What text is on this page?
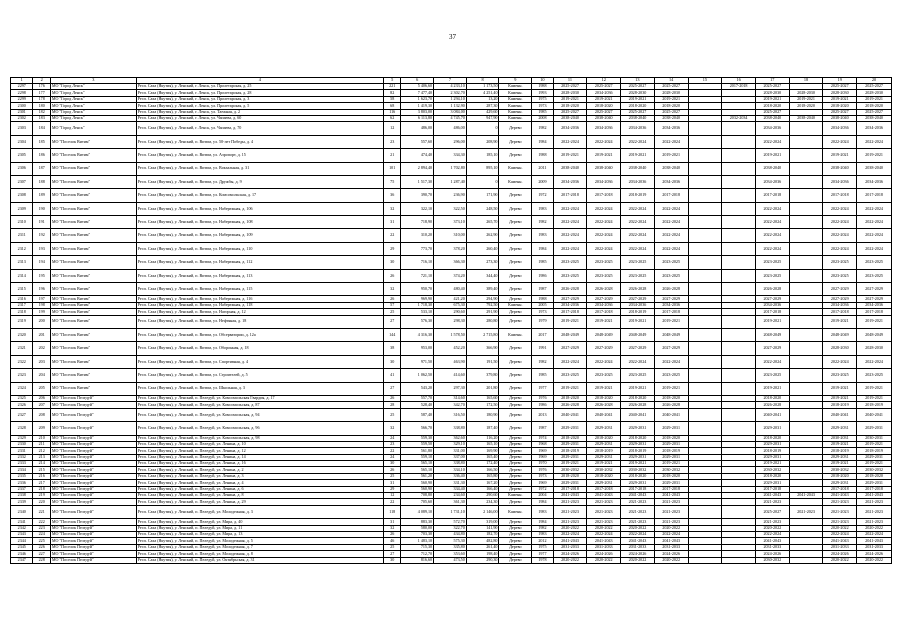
37
1	2	3	4	5	6	7	8	9	10	11	12	13	14	15	16	17	18	19	20
2297	176	МО "Город Ленск"	Респ. Саха (Якутия), у. Ленский, г. Ленск, ул. Пролетарская, д. 25	221	5 406,60	4 233,10	1 173,50	Каменн.	1988	2025-2027	2025-2027	2025-2027	2025-2027		2017-2018	2025-2027		2025-2027	2025-2027
2298	177	МО "Город Ленск"	Респ. Саха (Якутия), у. Ленский, г. Ленск, ул. Пролетарская, д. 28	82	7 477,40	2 302,70	4 251,40	Каменн.	1993	2028-2030	2034-2036	2028-2030	2028-2030			2028-2030	2028-2030	2028-2030	2028-2030
2299	178	МО "Город Ленск"	Респ. Саха (Якутия), у. Ленский, г. Ленск, ул. Пролетарская, д. 3	58	1 623,70	1 294,10	13,20	Каменн.	1975	2019-2021	2019-2021	2019-2021	2019-2021			2019-2021	2019-2021	2019-2021	2019-2021
2300	180	МО "Город Ленск"	Респ. Саха (Якутия), у. Ленский, г. Ленск, ул. Пролетарская, д. 5	68	1 419,30	1 132,90	287,30	Каменн.	1973	2018-2020	2018-2020	2018-2020	2018-2020			2018-2020	2018-2020	2018-2020	2018-2020
2301	182	МО "Город Ленск"	Респ. Саха (Якутия), у. Ленский, г. Ленск, ул. Таежная, д. 2	116	3 803,00	3 084,00	429,60	Каменн.	1985	2025-2027	2025-2027	2025-2027	2025-2027			2025-2027		2025-2027	2025-2027
2302	183	МО "Город Ленск"	Респ. Саха (Якутия), у. Ленский, г. Ленск, ул. Чапаева, д. 60	62	6 113,80	4 745,70	947,90	Каменн.	2008	2038-2040	2038-2040	2038-2040	2038-2040		2032-2034	2038-2040	2038-2040	2038-2040	2038-2040
2303	184	МО "Город Ленск"	Респ. Саха (Якутия), у. Ленский, г. Ленск, ул. Чапаева, д. 70	12	486,00	486,00	0	Дерево	1982	2034-2036	2034-2036	2034-2036	2034-2036			2034-2036		2034-2036	2034-2036
2304	185	МО "Поселок Витим"	Респ. Саха (Якутия), у. Ленский, п. Витим, ул. 50-лет Победы, д. 4	23	557,60	296,00	208,90	Дерево	1984	2022-2024	2022-2024	2022-2024	2022-2024			2022-2024		2022-2024	2022-2024
2305	186	МО "Поселок Витим"	Респ. Саха (Якутия), у. Ленский, п. Витим, ул. Аэропорт, д. 15	21	474,40	334,30	185,10	Дерево	1988	2019-2021	2019-2021	2019-2021	2019-2021			2019-2021		2019-2021	2019-2021
2306	187	МО "Поселок Витим"	Респ. Саха (Якутия), у. Ленский, п. Витим, ул. Вокзальная, д. 31	101	2 894,40	1 702,80	895,10	Каменн.	2011	2038-2040	2038-2040	2038-2040	2038-2040			2038-2040		2038-2040	2038-2040
2307	188	МО "Поселок Витим"	Респ. Саха (Якутия), у. Ленский, п. Витим, ул. Дружбы, д. 9	75	1 517,30	1 287,40	0	Каменн.	2009	2034-2036	2034-2036	2034-2036	2034-2036			2034-2036		2034-2036	2034-2036
2308	189	МО "Поселок Витим"	Респ. Саха (Якутия), у. Ленский, п. Витим, ул. Комсомольская, д. 17	36	390,70	236,90	171,90	Дерево	1972	2017-2018	2017-2018	2018-2019	2017-2018			2017-2018		2017-2018	2017-2018
2309	190	МО "Поселок Витим"	Респ. Саха (Якутия), у. Ленский, п. Витим, ул. Набережная, д. 106	32	322,10	322,50	248,50	Дерево	1983	2022-2024	2022-2024	2022-2024	2022-2024			2022-2024		2022-2024	2022-2024
2310	191	МО "Поселок Витим"	Респ. Саха (Якутия), у. Ленский, п. Витим, ул. Набережная, д. 108	31	718,90	373,10	265,70	Дерево	1982	2022-2024	2022-2024	2022-2024	2022-2024			2022-2024		2022-2024	2022-2024
2311	192	МО "Поселок Витим"	Респ. Саха (Якутия), у. Ленский, п. Витим, ул. Набережная, д. 109	22	310,20	310,00	262,90	Дерево	1983	2022-2024	2022-2024	2022-2024	2022-2024			2022-2024		2022-2024	2022-2024
2312	193	МО "Поселок Витим"	Респ. Саха (Якутия), у. Ленский, п. Витим, ул. Набережная, д. 110	29	773,70	378,20	260,40	Дерево	1984	2022-2024	2022-2024	2022-2024	2022-2024			2022-2024		2022-2024	2022-2024
2313	194	МО "Поселок Витим"	Респ. Саха (Якутия), у. Ленский, п. Витим, ул. Набережная, д. 112	30	716,10	366,30	273,30	Дерево	1985	2023-2025	2023-2025	2023-2025	2023-2025			2023-2025		2023-2025	2023-2025
2314	195	МО "Поселок Витим"	Респ. Саха (Якутия), у. Ленский, п. Витим, ул. Набережная, д. 113	26	721,10	374,20	344,40	Дерево	1986	2023-2025	2023-2025	2023-2025	2023-2025			2023-2025		2023-2025	2023-2025
2315	196	МО "Поселок Витим"	Респ. Саха (Якутия), у. Ленский, п. Витим, ул. Набережная, д. 115	32	950,70	480,40	389,40	Дерево	1987	2026-2028	2026-2028	2026-2028	2026-2028			2026-2028		2027-2029	2027-2029
2316	197	МО "Поселок Витим"	Респ. Саха (Якутия), у. Ленский, п. Витим, ул. Набережная, д. 116	26	969,90	421,20	294,90	Дерево	1988	2027-2029	2027-2029	2027-2029	2027-2029			2027-2029		2027-2029	2027-2029
2317	198	МО "Поселок Витим"	Респ. Саха (Якутия), у. Ленский, п. Витим, ул. Набережная, д. 118	57	1 718,30	675,30	792,50	Каменн.	2005	2034-2036	2034-2036	2034-2036	2034-2036			2034-2036		2034-2036	2034-2036
2318	199	МО "Поселок Витим"	Респ. Саха (Якутия), у. Ленский, п. Витим, ул. Нагорная, д. 12	25	533,10	290,60	291,90	Дерево	1973	2017-2018	2017-2018	2018-2019	2017-2018			2017-2018		2017-2018	2017-2018
2319	200	МО "Поселок Витим"	Респ. Саха (Якутия), у. Ленский, п. Витим, ул. Нефтяная, д. 18	27	576,30	298,30	280,80	Дерево	1979	2019-2021	2019-2021	2019-2021	2019-2021			2019-2021		2019-2021	2019-2021
2320	201	МО "Поселок Витим"	Респ. Саха (Якутия), у. Ленский, п. Витим, ул. Обсерватории, д. 12а	144	4 316,30	1 578,50	2 715,80	Каменн.	2017	2048-2049	2048-2049	2048-2049	2048-2049			2048-2049		2048-2049	2048-2049
2321	202	МО "Поселок Витим"	Респ. Саха (Якутия), у. Ленский, п. Витим, ул. Оборонная, д. 18	38	953,00	452,20	366,90	Дерево	1991	2027-2029	2027-2029	2027-2029	2027-2029			2027-2029		2028-2030	2028-2030
2322	203	МО "Поселок Витим"	Респ. Саха (Якутия), у. Ленский, п. Витим, ул. Спортивная, д. 4	30	971,50	463,90	191,50	Дерево	1982	2022-2024	2022-2024	2022-2024	2022-2024			2022-2024		2022-2024	2022-2024
2323	204	МО "Поселок Витим"	Респ. Саха (Якутия), у. Ленский, п. Витим, ул. Строителей, д. 5	41	1 062,50	414,60	379,80	Дерево	1985	2023-2025	2023-2025	2023-2025	2023-2025			2023-2025		2023-2025	2023-2025
2324	205	МО "Поселок Витим"	Респ. Саха (Якутия), у. Ленский, п. Витим, ул. Школьная, д. 3	27	543,20	297,30	201,80	Дерево	1977	2019-2021	2019-2021	2019-2021	2019-2021			2019-2021		2019-2021	2019-2021
2325	206	МО "Поселок Пеледуй"	Респ. Саха (Якутия), у. Ленский, п. Пеледуй, ул. Комсомольская Гвардия, д. 17	26	557,70	314,60	165,60	Дерево	1976	2018-2020	2018-2020	2018-2020	2018-2020			2018-2020		2019-2021	2019-2021
2326	207	МО "Поселок Пеледуй"	Респ. Саха (Якутия), у. Ленский, п. Пеледуй, ул. Комсомольская, д. 87	28	528,40	342,70	172,50	Дерево	1986	2026-2028	2026-2028	2026-2028	2026-2028			2026-2028		2018-2019	2018-2019
2327	208	МО "Поселок Пеледуй"	Респ. Саха (Якутия), у. Ленский, п. Пеледуй, ул. Комсомольская, д. 94	25	587,40	316,50	180,90	Дерево	2013	2040-2041	2040-2041	2040-2041	2040-2041			2040-2041		2040-2041	2040-2041
2328	209	МО "Поселок Пеледуй"	Респ. Саха (Якутия), у. Ленский, п. Пеледуй, ул. Комсомольская, д. 96	32	566,70	338,80	187,40	Дерево	1987	2029-2031	2029-2031	2029-2031	2029-2031			2029-2031		2029-2031	2029-2031
2329	210	МО "Поселок Пеледуй"	Респ. Саха (Якутия), у. Ленский, п. Пеледуй, ул. Комсомольская, д. 98	24	559,30	362,60	116,20	Дерево	1974	2018-2020	2018-2020	2018-2020	2018-2020			2018-2020		2030-2031	2030-2031
2330	211	МО "Поселок Пеледуй"	Респ. Саха (Якутия), у. Ленский, п. Пеледуй, ул. Ленина, д. 10	23	559,50	329,10	165,10	Дерево	1968	2029-2031	2029-2031	2029-2031	2029-2031			2029-2031		2019-2021	2019-2021
2331	212	МО "Поселок Пеледуй"	Респ. Саха (Якутия), у. Ленский, п. Пеледуй, ул. Ленина, д. 12	22	561,80	331,00	169,90	Дерево	1969	2018-2019	2018-2019	2018-2019	2018-2019			2018-2019		2018-2019	2018-2019
2332	213	МО "Поселок Пеледуй"	Респ. Саха (Якутия), у. Ленский, п. Пеледуй, ул. Ленина, д. 14	24	559,10	337,00	165,40	Дерево	1969	2029-2031	2029-2031	2029-2031	2029-2031			2029-2031		2029-2031	2029-2031
2333	214	МО "Поселок Пеледуй"	Респ. Саха (Якутия), у. Ленский, п. Пеледуй, ул. Ленина, д. 16	30	565,10	338,80	172,40	Дерево	1970	2019-2021	2019-2021	2019-2021	2019-2021			2019-2021		2019-2021	2019-2021
2334	215	МО "Поселок Пеледуй"	Респ. Саха (Якутия), у. Ленский, п. Пеледуй, ул. Ленина, д. 2	26	565,10	334,10	166,50	Дерево	1976	2030-2032	2030-2032	2030-2032	2030-2032			2030-2032		2030-2032	2030-2032
2335	216	МО "Поселок Пеледуй"	Респ. Саха (Якутия), у. Ленский, п. Пеледуй, ул. Ленина, д. 3	25	561,20	336,40	165,80	Дерево	1973	2018-2020	2018-2020	2018-2020	2018-2020			2018-2020		2018-2020	2018-2020
2336	217	МО "Поселок Пеледуй"	Респ. Саха (Якутия), у. Ленский, п. Пеледуй, ул. Ленина, д. 4	31	560,90	331,30	167,20	Дерево	1969	2029-2031	2029-2031	2029-2031	2029-2031			2029-2031		2029-2031	2029-2031
2337	218	МО "Поселок Пеледуй"	Респ. Саха (Якутия), у. Ленский, п. Пеледуй, ул. Ленина, д. 6	29	560,90	334,40	166,40	Дерево	1972	2017-2018	2017-2018	2017-2018	2017-2018			2017-2018		2017-2018	2017-2018
2338	219	МО "Поселок Пеледуй"	Респ. Саха (Якутия), у. Ленский, п. Пеледуй, ул. Ленина, д. 8	12	708,80	234,60	290,60	Каменн.	2004	2041-2043	2041-2043	2041-2043	2041-2043			2041-2043	2041-2043	2041-2043	2041-2043
2339	220	МО "Поселок Пеледуй"	Респ. Саха (Якутия), у. Ленский, п. Пеледуй, ул. Ленина, д. 29	22	705,60	361,30	234,30	Дерево	1984	2021-2023	2021-2023	2021-2023	2021-2023			2021-2023		2021-2023	2021-2023
2340	221	МО "Поселок Пеледуй"	Респ. Саха (Якутия), у. Ленский, п. Пеледуй, ул. Молодежная, д. 3	118	4 089,10	1 731,10	2 146,00	Каменн.	1983	2021-2023	2021-2023	2021-2023	2021-2023			2025-2027	2021-2023	2021-2023	2021-2023
2341	222	МО "Поселок Пеледуй"	Респ. Саха (Якутия), у. Ленский, п. Пеледуй, ул. Мира, д. 40	31	883,30	572,70	319,00	Дерево	1984	2021-2023	2021-2023	2021-2023	2021-2023			2021-2023		2021-2023	2021-2023
2342	223	МО "Поселок Пеледуй"	Респ. Саха (Якутия), у. Ленский, п. Пеледуй, ул. Мира, д. 11	32	580,00	322,70	141,90	Дерево	1982	2020-2022	2020-2022	2020-2022	2020-2022			2020-2022		2020-2022	2020-2022
2343	224	МО "Поселок Пеледуй"	Респ. Саха (Якутия), у. Ленский, п. Пеледуй, ул. Мира, д. 13	26	703,30	434,80	182,70	Дерево	1983	2022-2024	2022-2024	2022-2024	2022-2024			2022-2024		2022-2024	2022-2024
2344	225	МО "Поселок Пеледуй"	Респ. Саха (Якутия), у. Ленский, п. Пеледуй, ул. Молодежная, д. 5	46	1 483,10	575,30	482,80	Дерево	2012	2041-2043	2041-2043	2041-2043	2041-2043			2041-2043		2041-2043	2041-2043
2345	226	МО "Поселок Пеледуй"	Респ. Саха (Якутия), у. Ленский, п. Пеледуй, ул. Молодежная, д. 7	25	715,30	335,80	261,40	Дерево	1975	2031-2033	2031-2033	2031-2033	2031-2033			2031-2033		2031-2033	2031-2033
2346	227	МО "Поселок Пеледуй"	Респ. Саха (Якутия), у. Ленский, п. Пеледуй, ул. Молодежная, д. 8	27	712,70	353,60	198,40	Дерево	1977	2024-2026	2024-2026	2024-2026	2024-2026			2024-2026		2024-2026	2024-2026
2347	228	МО "Поселок Пеледуй"	Респ. Саха (Якутия), у. Ленский, п. Пеледуй, ул. Октябрьская, д. 31	30	816,60	473,50	290,30	Дерево	1978	2020-2022	2020-2022	2020-2022	2020-2022			2030-2032		2020-2022	2020-2022
